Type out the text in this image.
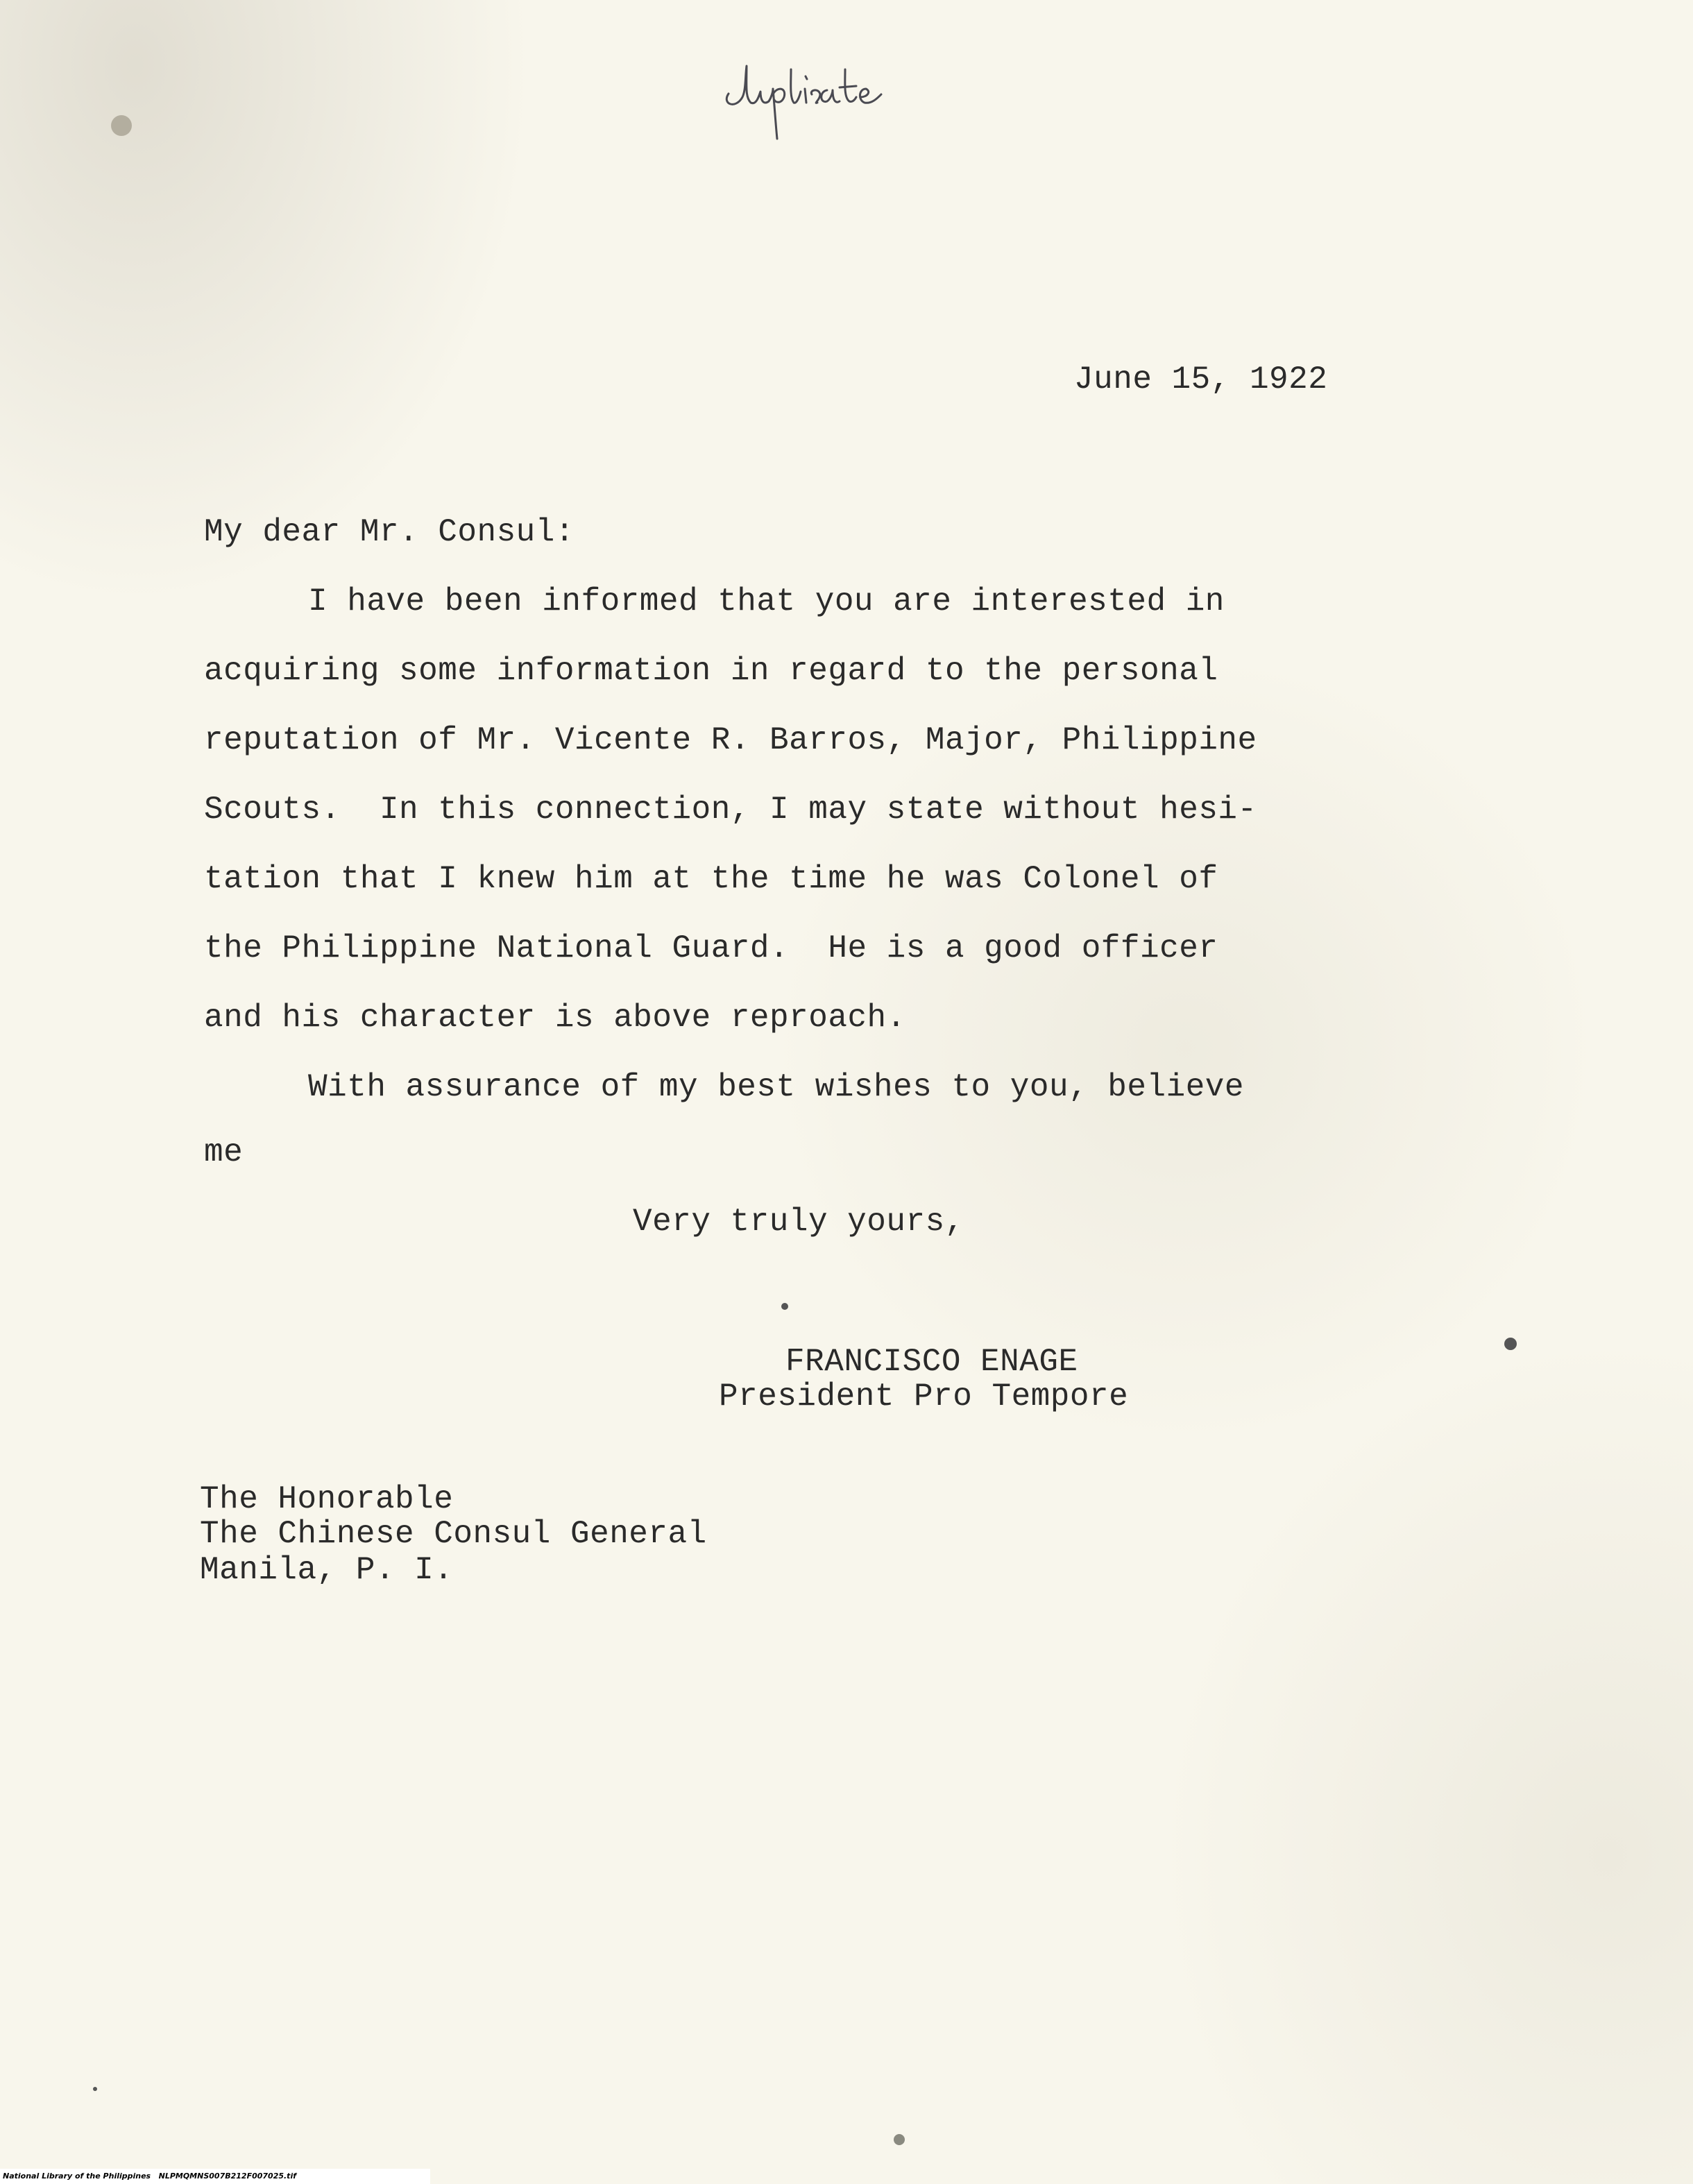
June 15, 1922
My dear Mr. Consul:
I have been informed that you are interested in
acquiring some information in regard to the personal
reputation of Mr. Vicente R. Barros, Major, Philippine
Scouts.  In this connection, I may state without hesi-
tation that I knew him at the time he was Colonel of
the Philippine National Guard.  He is a good officer
and his character is above reproach.
With assurance of my best wishes to you, believe
me
Very truly yours,
FRANCISCO ENAGE
President Pro Tempore
The Honorable
The Chinese Consul General
Manila, P. I.
National Library of the Philippines NLPMQMNS007B212F007025.tif
